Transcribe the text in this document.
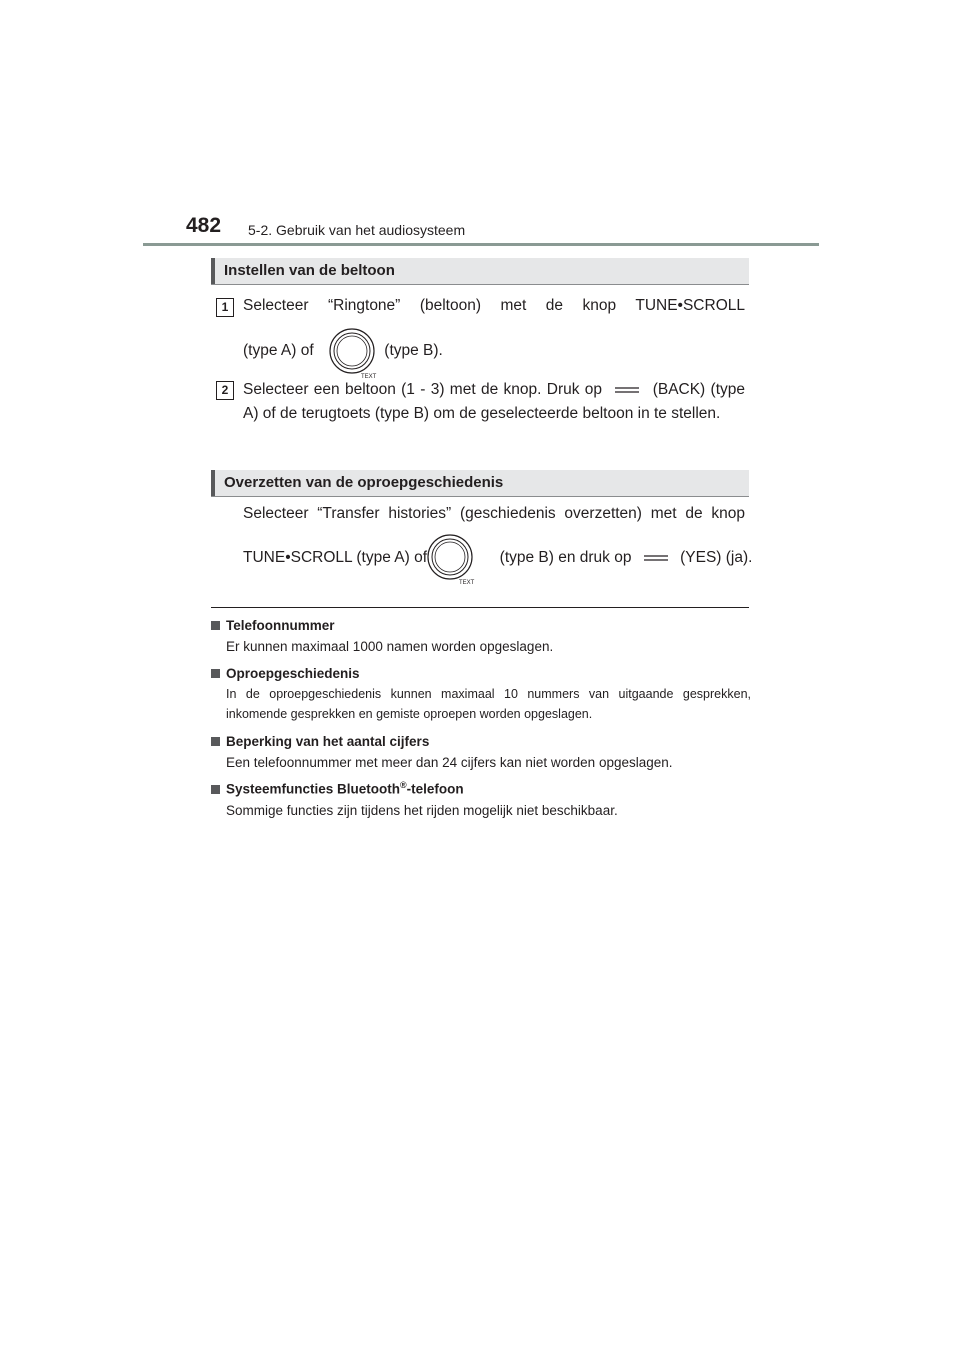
482 5-2. Gebruik van het audiosysteem
Instellen van de beltoon
1 Selecteer “Ringtone” (beltoon) met de knop TUNE•SCROLL
(type A) of	(type B).
TEXT
2 Selecteer een beltoon (1 - 3) met de knop. Druk op	(BACK) (type A) of de terugtoets (type B) om de geselecteerde beltoon in te stellen.
Overzetten van de oproepgeschiedenis
Selecteer “Transfer histories” (geschiedenis overzetten) met de knop
TUNE•SCROLL (type A) of	(type B) en druk op	(YES) (ja).
TEXT
Telefoonnummer
Er kunnen maximaal 1000 namen worden opgeslagen.
Oproepgeschiedenis
In de oproepgeschiedenis kunnen maximaal 10 nummers van uitgaande gesprekken, inkomende gesprekken en gemiste oproepen worden opgeslagen.
Beperking van het aantal cijfers
Een telefoonnummer met meer dan 24 cijfers kan niet worden opgeslagen.
Systeemfuncties Bluetooth®-telefoon
Sommige functies zijn tijdens het rijden mogelijk niet beschikbaar.
